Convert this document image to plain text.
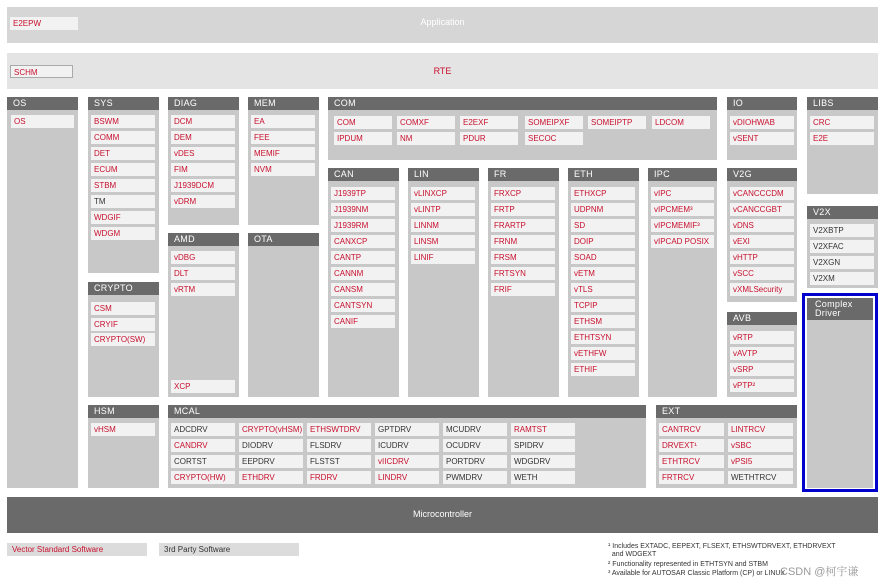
Application
E2EPW
RTE
SCHM
OS
OS
SYS
BSWM
COMM
DET
ECUM
STBM
TM
WDGIF
WDGM
CRYPTO
CSM
CRYIF
CRYPTO(SW)
HSM
vHSM
DIAG
DCM
DEM
vDES
FIM
J1939DCM
vDRM
AMD
vDBG
DLT
vRTM
XCP
MEM
EA
FEE
MEMIF
NVM
OTA
COM
COM	COMXF	E2EXF	SOMEIPXF	SOMEIPTP	LDCOM
IPDUM	NM	PDUR	SECOC
CAN
J1939TP
J1939NM
J1939RM
CANXCP
CANTP
CANNM
CANSM
CANTSYN
CANIF
LIN
vLINXCP
vLINTP
LINNM
LINSM
LINIF
FR
FRXCP
FRTP
FRARTP
FRNM
FRSM
FRTSYN
FRIF
ETH
ETHXCP
UDPNM
SD
DOIP
SOAD
vETM
vTLS
TCPIP
ETHSM
ETHTSYN
vETHFW
ETHIF
IPC
vIPC
vIPCMEM³
vIPCMEMIF³
vIPCAD POSIX
IO
vDIOHWAB
vSENT
V2G
vCANCCCDM
vCANCCGBT
vDNS
vEXI
vHTTP
vSCC
vXMLSecurity
AVB
vRTP
vAVTP
vSRP
vPTP²
LIBS
CRC
E2E
V2X
V2XBTP
V2XFAC
V2XGN
V2XM
Complex Driver
MCAL
ADCDRV	CRYPTO(vHSM) ETHSWTDRV	GPTDRV	MCUDRV	RAMTST
CANDRV	DIODRV	FLSDRV	ICUDRV	OCUDRV	SPIDRV
CORTST	EEPDRV	FLSTST	vIICDRV	PORTDRV	WDGDRV
CRYPTO(HW)	ETHDRV	FRDRV	LINDRV	PWMDRV	WETH
EXT
CANTRCV	LINTRCV
DRVEXT¹	vSBC
ETHTRCV	vPSI5
FRTRCV	WETHTRCV
Microcontroller
Vector Standard Software	3rd Party Software	¹ Includes EXTADC, EEPEXT, FLSEXT, ETHSWTDRVEXT, ETHDRVEXT
and WDGEXT
² Functionality represented in ETHTSYN and STBM
³ Available for AUTOSAR Classic Platform (CP) or LINUX
CSDN @柯宇谦
